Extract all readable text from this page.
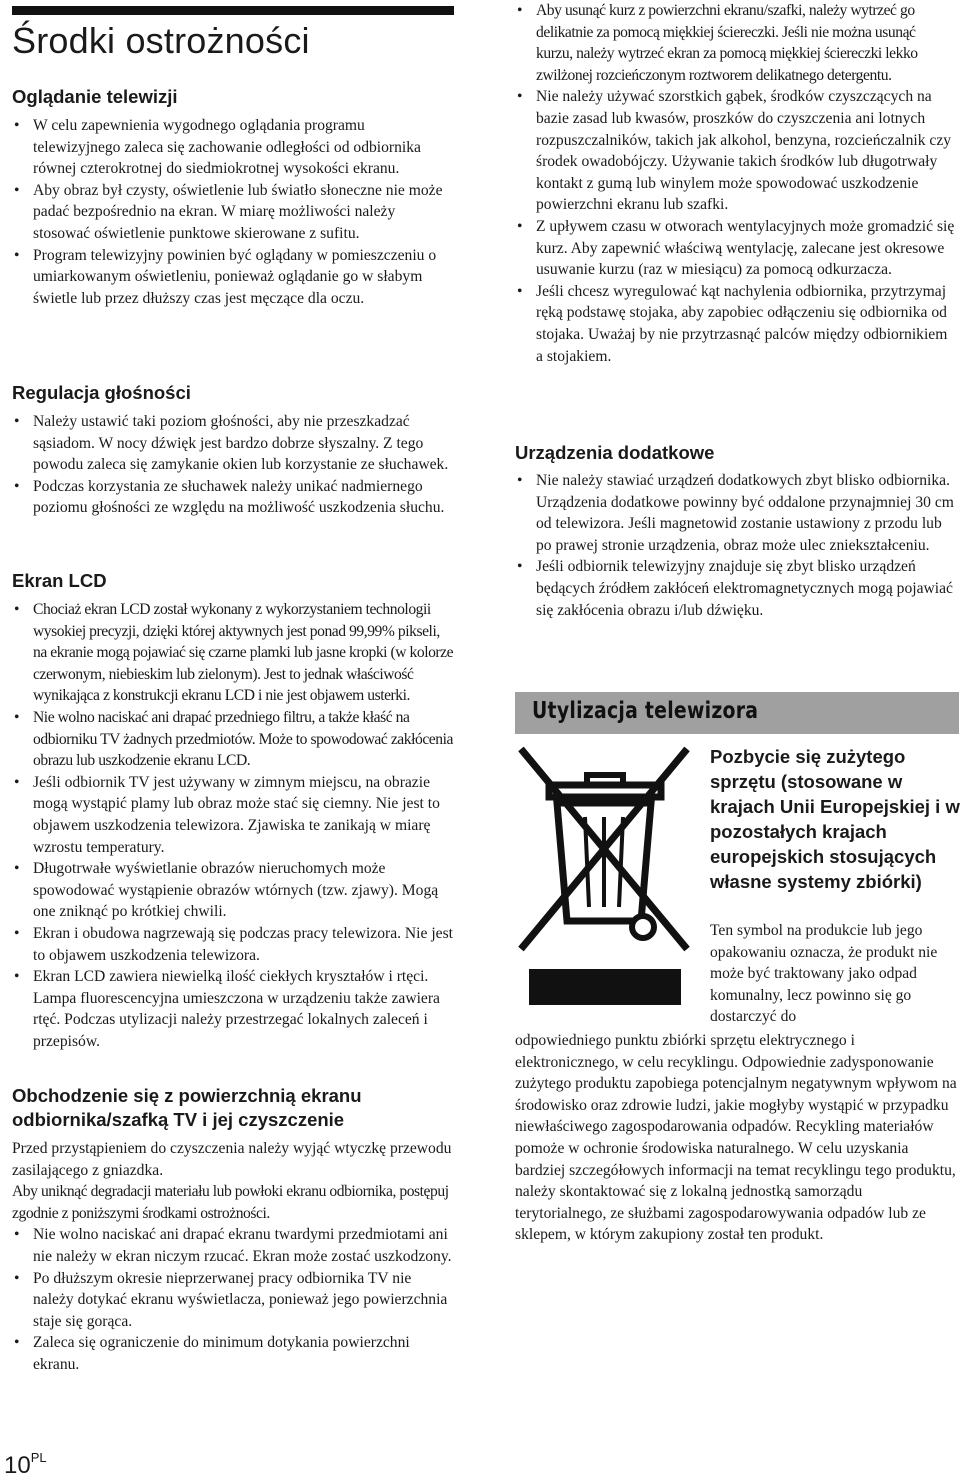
Środki ostrożności
Oglądanie telewizji
• W celu zapewnienia wygodnego oglądania programu telewizyjnego zaleca się zachowanie odległości od odbiornika równej czterokrotnej do siedmiokrotnej wysokości ekranu.
• Aby obraz był czysty, oświetlenie lub światło słoneczne nie może padać bezpośrednio na ekran. W miarę możliwości należy stosować oświetlenie punktowe skierowane z sufitu.
• Program telewizyjny powinien być oglądany w pomieszczeniu o umiarkowanym oświetleniu, ponieważ oglądanie go w słabym świetle lub przez dłuższy czas jest męczące dla oczu.
Regulacja głośności
• Należy ustawić taki poziom głośności, aby nie przeszkadzać sąsiadom. W nocy dźwięk jest bardzo dobrze słyszalny. Z tego powodu zaleca się zamykanie okien lub korzystanie ze słuchawek.
• Podczas korzystania ze słuchawek należy unikać nadmiernego poziomu głośności ze względu na możliwość uszkodzenia słuchu.
Ekran LCD
• Chociaż ekran LCD został wykonany z wykorzystaniem technologii wysokiej precyzji, dzięki której aktywnych jest ponad 99,99% pikseli, na ekranie mogą pojawiać się czarne plamki lub jasne kropki (w kolorze czerwonym, niebieskim lub zielonym). Jest to jednak właściwość wynikająca z konstrukcji ekranu LCD i nie jest objawem usterki.
• Nie wolno naciskać ani drapać przedniego filtru, a także kłaść na odbiorniku TV żadnych przedmiotów. Może to spowodować zakłócenia obrazu lub uszkodzenie ekranu LCD.
• Jeśli odbiornik TV jest używany w zimnym miejscu, na obrazie mogą wystąpić plamy lub obraz może stać się ciemny. Nie jest to objawem uszkodzenia telewizora. Zjawiska te zanikają w miarę wzrostu temperatury.
• Długotrwałe wyświetlanie obrazów nieruchomych może spowodować wystąpienie obrazów wtórnych (tzw. zjawy). Mogą one zniknąć po krótkiej chwili.
• Ekran i obudowa nagrzewają się podczas pracy telewizora. Nie jest to objawem uszkodzenia telewizora.
• Ekran LCD zawiera niewielką ilość ciekłych kryształów i rtęci. Lampa fluorescencyjna umieszczona w urządzeniu także zawiera rtęć. Podczas utylizacji należy przestrzegać lokalnych zaleceń i przepisów.
Obchodzenie się z powierzchnią ekranu
odbiornika/szafką TV i jej czyszczenie

Przed przystąpieniem do czyszczenia należy wyjąć wtyczkę przewodu zasilającego z gniazdka.

Aby uniknąć degradacji materiału lub powłoki ekranu odbiornika, postępuj zgodnie z poniższymi środkami ostrożności.

• Nie wolno naciskać ani drapać ekranu twardymi przedmiotami ani nie należy w ekran niczym rzucać. Ekran może zostać uszkodzony.
• Po dłuższym okresie nieprzerwanej pracy odbiornika TV nie należy dotykać ekranu wyświetlacza, ponieważ jego powierzchnia staje się gorąca.
• Zaleca się ograniczenie do minimum dotykania powierzchni ekranu.
• Aby usunąć kurz z powierzchni ekranu/szafki, należy wytrzeć go delikatnie za pomocą miękkiej ściereczki. Jeśli nie można usunąć kurzu, należy wytrzeć ekran za pomocą miękkiej ściereczki lekko zwilżonej rozcieńczonym roztworem delikatnego detergentu.
• Nie należy używać szorstkich gąbek, środków czyszczących na bazie zasad lub kwasów, proszków do czyszczenia ani lotnych rozpuszczalników, takich jak alkohol, benzyna, rozcieńczalnik czy środek owadobójczy. Używanie takich środków lub długotrwały kontakt z gumą lub winylem może spowodować uszkodzenie powierzchni ekranu lub szafki.
• Z upływem czasu w otworach wentylacyjnych może gromadzić się kurz. Aby zapewnić właściwą wentylację, zalecane jest okresowe usuwanie kurzu (raz w miesiącu) za pomocą odkurzacza.
• Jeśli chcesz wyregulować kąt nachylenia odbiornika, przytrzymaj ręką podstawę stojaka, aby zapobiec odłączeniu się odbiornika od stojaka. Uważaj by nie przytrzasnąć palców między odbiornikiem a stojakiem.
Urządzenia dodatkowe
• Nie należy stawiać urządzeń dodatkowych zbyt blisko odbiornika. Urządzenia dodatkowe powinny być oddalone przynajmniej 30 cm od telewizora. Jeśli magnetowid zostanie ustawiony z przodu lub po prawej stronie urządzenia, obraz może ulec zniekształceniu.
• Jeśli odbiornik telewizyjny znajduje się zbyt blisko urządzeń będących źródłem zakłóceń elektromagnetycznych mogą pojawiać się zakłócenia obrazu i/lub dźwięku.
Utylizacja telewizora
Pozbycie się zużytego sprzętu (stosowane w krajach Unii Europejskiej i w pozostałych krajach europejskich stosujących własne systemy zbiórki)

Ten symbol na produkcie lub jego opakowaniu oznacza, że produkt nie może być traktowany jako odpad komunalny, lecz powinno się go dostarczyć do

odpowiedniego punktu zbiórki sprzętu elektrycznego i elektronicznego, w celu recyklingu. Odpowiednie zadysponowanie zużytego produktu zapobiega potencjalnym negatywnym wpływom na środowisko oraz zdrowie ludzi, jakie mogłyby wystąpić w przypadku niewłaściwego zagospodarowania odpadów. Recykling materiałów pomoże w ochronie środowiska naturalnego. W celu uzyskania bardziej szczegółowych informacji na temat recyklingu tego produktu, należy skontaktować się z lokalną jednostką samorządu terytorialnego, ze służbami zagospodarowywania odpadów lub ze sklepem, w którym zakupiony został ten produkt.

$10^{PL}$
